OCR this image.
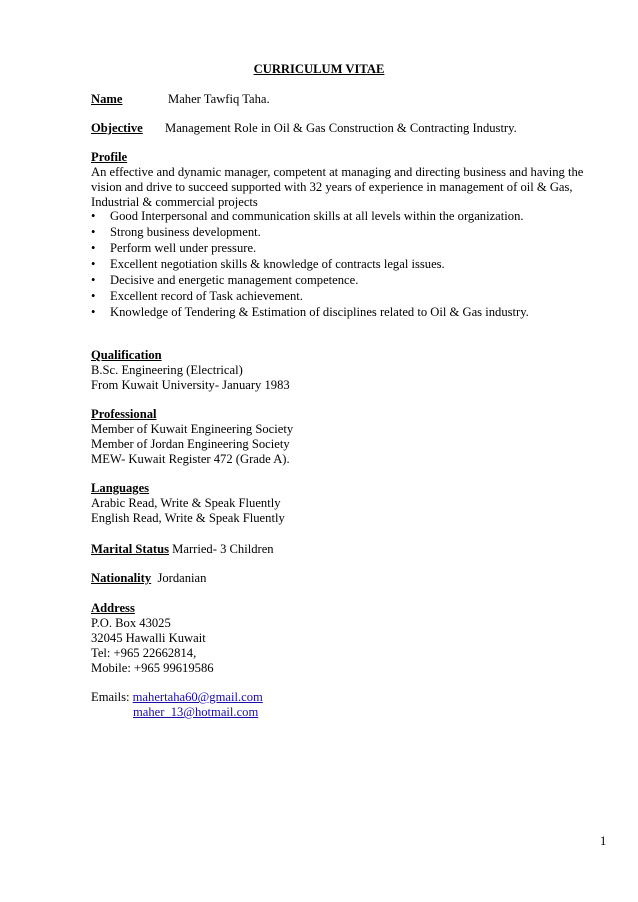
CURRICULUM VITAE
Name	Maher Tawfiq Taha.
Objective Management Role in Oil & Gas Construction & Contracting Industry.
Profile
An effective and dynamic manager, competent at managing and directing business and having the
vision and drive to succeed supported with 32 years of experience in management of oil & Gas,
Industrial & commercial projects
•	Good Interpersonal and communication skills at all levels within the organization.
•	Strong business development.
•	Perform well under pressure.
•	Excellent negotiation skills & knowledge of contracts legal issues.
•	Decisive and energetic management competence.
•	Excellent record of Task achievement.
•	Knowledge of Tendering & Estimation of disciplines related to Oil & Gas industry.
Qualification
B.Sc. Engineering (Electrical)
From Kuwait University- January 1983
Professional
Member of Kuwait Engineering Society
Member of Jordan Engineering Society
MEW- Kuwait Register 472 (Grade A).
Languages
Arabic Read, Write & Speak Fluently
English Read, Write & Speak Fluently
Marital Status Married- 3 Children
Nationality Jordanian
Address
P.O. Box 43025
32045 Hawalli Kuwait
Tel: +965 22662814,
Mobile: +965 99619586
Emails: mahertaha60@gmail.com
maher_13@hotmail.com
1
